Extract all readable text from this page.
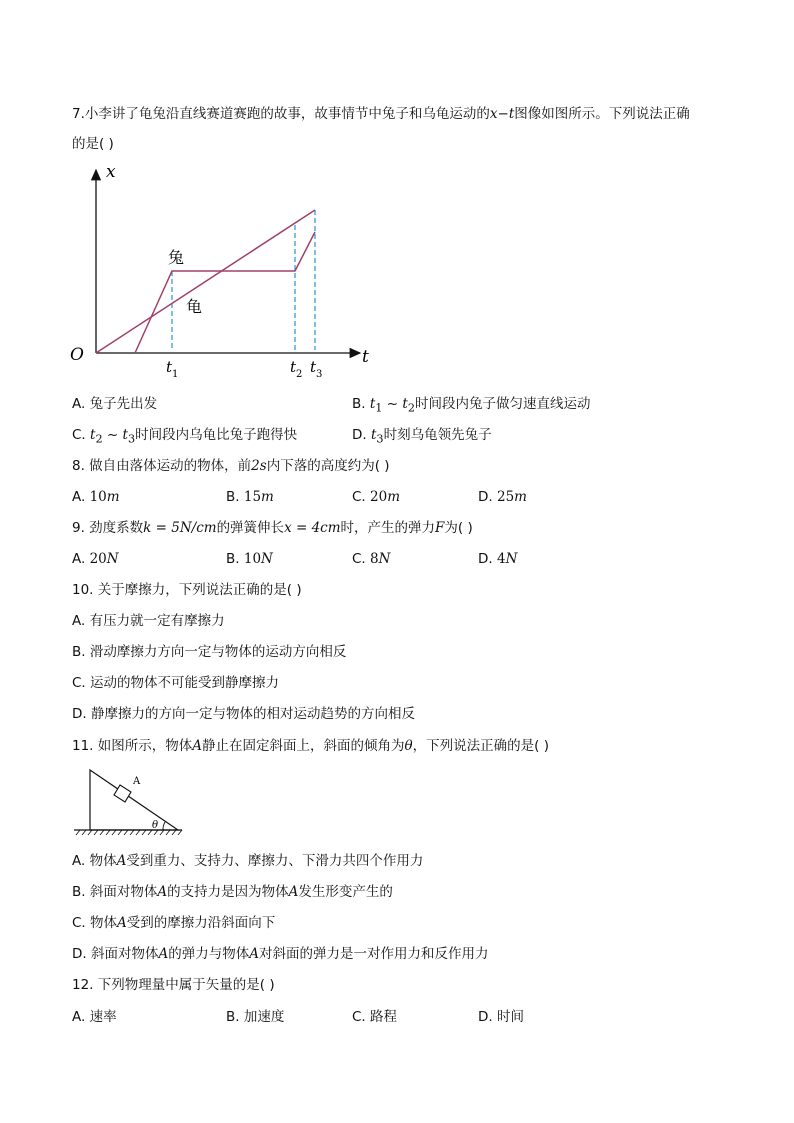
7.小李讲了龟兔沿直线赛道赛跑的故事，故事情节中兔子和乌龟运动的x−t图像如图所示。下列说法正确
的是( )
x
t
O
兔
龟
t 1	t 2 t 3
A. 兔子先出发	B. $t_1$ ~ $t_2$时间段内兔子做匀速直线运动
C. $t_2$ ~ $t_3$时间段内乌龟比兔子跑得快	D. $t_3$时刻乌龟领先兔子
8. 做自由落体运动的物体，前2s内下落的高度约为( )
A. 10m	B. 15m	C. 20m	D. 25m
9. 劲度系数k = 5N/cm的弹簧伸长x = 4cm时，产生的弹力F为( )
A. 20N	B. 10N	C. 8N	D. 4N
10. 关于摩擦力，下列说法正确的是( )
A. 有压力就一定有摩擦力
B. 滑动摩擦力方向一定与物体的运动方向相反
C. 运动的物体不可能受到静摩擦力
D. 静摩擦力的方向一定与物体的相对运动趋势的方向相反
11. 如图所示，物体A静止在固定斜面上，斜面的倾角为θ，下列说法正确的是( )
A
θ
A. 物体A受到重力、支持力、摩擦力、下滑力共四个作用力
B. 斜面对物体A的支持力是因为物体A发生形变产生的
C. 物体A受到的摩擦力沿斜面向下
D. 斜面对物体A的弹力与物体A对斜面的弹力是一对作用力和反作用力
12. 下列物理量中属于矢量的是( )
A. 速率	B. 加速度	C. 路程	D. 时间
